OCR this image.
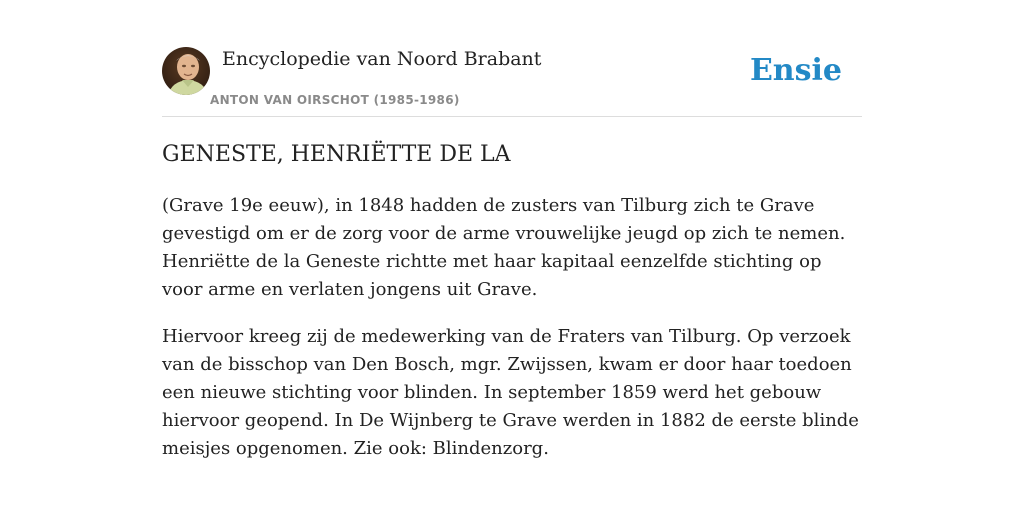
Encyclopedie van Noord Brabant
ANTON VAN OIRSCHOT (1985-1986)
Ensie
GENESTE, HENRIËTTE DE LA

(Grave 19e eeuw), in 1848 hadden de zusters van Tilburg zich te Grave gevestigd om er de zorg voor de arme vrouwelijke jeugd op zich te nemen. Henriëtte de la Geneste richtte met haar kapitaal eenzelfde stichting op voor arme en verlaten jongens uit Grave.

Hiervoor kreeg zij de medewerking van de Fraters van Tilburg. Op verzoek van de bisschop van Den Bosch, mgr. Zwijssen, kwam er door haar toedoen een nieuwe stichting voor blinden. In september 1859 werd het gebouw hiervoor geopend. In De Wijnberg te Grave werden in 1882 de eerste blinde meisjes opgenomen. Zie ook: Blindenzorg.
